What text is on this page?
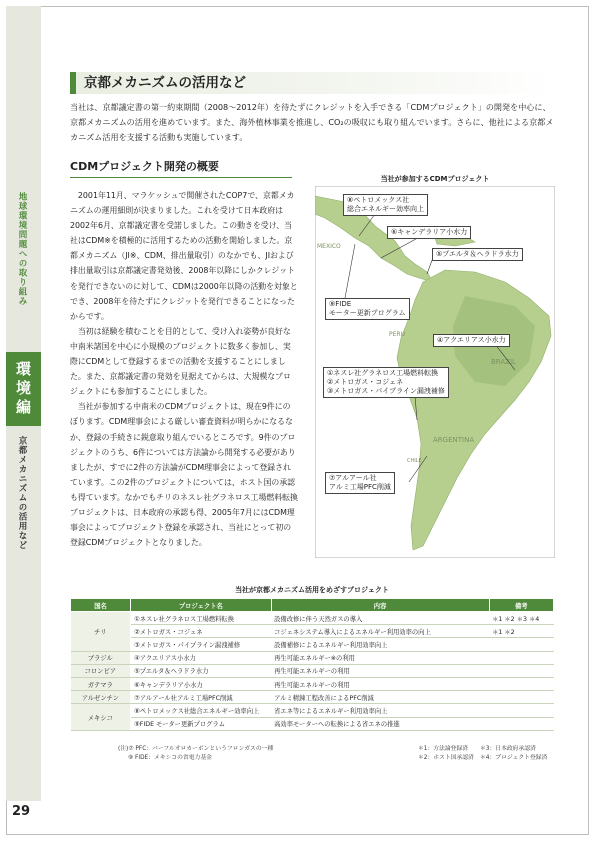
地球環境問題への取り組み
環境編
京都メカニズムの活用など
29
京都メカニズムの活用など
当社は、京都議定書の第一約束期間（2008～2012年）を待たずにクレジットを入手できる「CDMプロジェクト」の開発を中心に、京都メカニズムの活用を進めています。また、海外植林事業を推進し、CO₂の吸収にも取り組んでいます。さらに、他社による京都メカニズム活用を支援する活動も実施しています。
CDMプロジェクト開発の概要

2001年11月、マラケッシュで開催されたCOP7で、京都メカニズムの運用細則が決まりました。これを受けて日本政府は2002年6月、京都議定書を受諾しました。この動きを受け、当社はCDM※を積極的に活用するための活動を開始しました。京都メカニズム（JI※、CDM、排出量取引）のなかでも、JIおよび排出量取引は京都議定書発効後、2008年以降にしかクレジットを発行できないのに対して、CDMは2000年以降の活動を対象とでき、2008年を待たずにクレジットを発行できることになったからです。

当初は経験を積むことを目的として、受け入れ姿勢が良好な中南米諸国を中心に小規模のプロジェクトに数多く参加し、実際にCDMとして登録するまでの活動を支援することにしました。また、京都議定書の発効を見据えてからは、大規模なプロジェクトにも参加することにしました。

当社が参加する中南米のCDMプロジェクトは、現在9件にのぼります。CDM理事会による厳しい審査資料が明らかになるなか、登録の手続きに鋭意取り組んでいるところです。9件のプロジェクトのうち、6件については方法論から開発する必要がありましたが、すでに2件の方法論がCDM理事会によって登録されています。この2件のプロジェクトについては、ホスト国の承認も得ています。なかでもチリのネスレ社グラネロス工場燃料転換プロジェクトは、日本政府の承認も得、2005年7月にはCDM理事会によってプロジェクト登録を承認され、当社にとって初の登録CDMプロジェクトとなりました。

当社が参加するCDMプロジェクト
MEXICO
PERU
BRAZIL
ARGENTINA
CHILE
⑧ペトロメックス社
総合エネルギー効率向上
⑥キャンデラリア小水力
⑤プエルタ＆ヘラドラ水力
⑨FIDE
モーター更新プログラム
④アクエリアス小水力
①ネスレ社グラネロス工場燃料転換
②メトロガス・コジェネ
③メトロガス・パイプライン漏洩補修
⑦アルアール社
アルミ工場PFC削減
当社が京都メカニズム活用をめざすプロジェクト
国名	プロジェクト名	内容	備考
チリ	①ネスレ社グラネロス工場燃料転換	設備改修に伴う天然ガスの導入	＊1 ＊2 ＊3 ＊4
	②メトロガス・コジェネ	コジェネシステム導入によるエネルギー利用効率の向上	＊1 ＊2
	③メトロガス・パイプライン漏洩補修	設備補修によるエネルギー利用効率向上	
ブラジル	④アクエリアス小水力	再生可能エネルギー※の利用	
コロンビア	⑤プエルタ＆ヘラドラ水力	再生可能エネルギーの利用	
ガテマラ	⑥キャンデラリア小水力	再生可能エネルギーの利用	
アルゼンチン	⑦アルアール社アルミ工場PFC削減	アルミ精錬工程改善によるPFC削減	
メキシコ	⑧ペトロメックス社総合エネルギー効率向上	省エネ等によるエネルギー利用効率向上	
	⑨FIDE モーター更新プログラム	高効率モーターへの転換による省エネの推進	
(注)⑦ PFC：パーフルオロカーボンというフロンガスの一種
⑨ FIDE：メキシコの省電力基金
＊1：方法論登録済
＊2：ホスト国承認済
＊3：日本政府承認済
＊4：プロジェクト登録済
